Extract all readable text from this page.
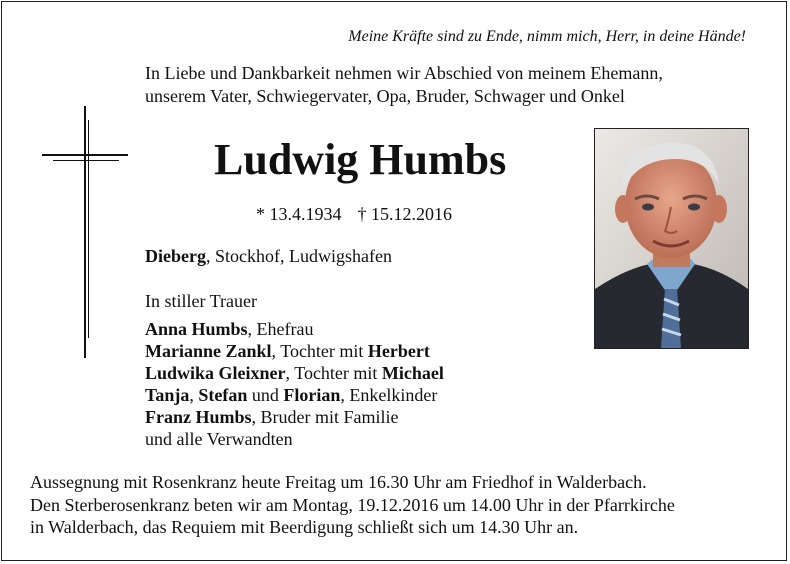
Meine Kräfte sind zu Ende, nimm mich, Herr, in deine Hände!
In Liebe und Dankbarkeit nehmen wir Abschied von meinem Ehemann,
unserem Vater, Schwiegervater, Opa, Bruder, Schwager und Onkel
Ludwig Humbs
* 13.4.1934 † 15.12.2016
Dieberg, Stockhof, Ludwigshafen
In stiller Trauer
Anna Humbs, Ehefrau
Marianne Zankl, Tochter mit Herbert
Ludwika Gleixner, Tochter mit Michael
Tanja, Stefan und Florian, Enkelkinder
Franz Humbs, Bruder mit Familie
und alle Verwandten
Aussegnung mit Rosenkranz heute Freitag um 16.30 Uhr am Friedhof in Walderbach.
Den Sterberosenkranz beten wir am Montag, 19.12.2016 um 14.00 Uhr in der Pfarrkirche
in Walderbach, das Requiem mit Beerdigung schließt sich um 14.30 Uhr an.
